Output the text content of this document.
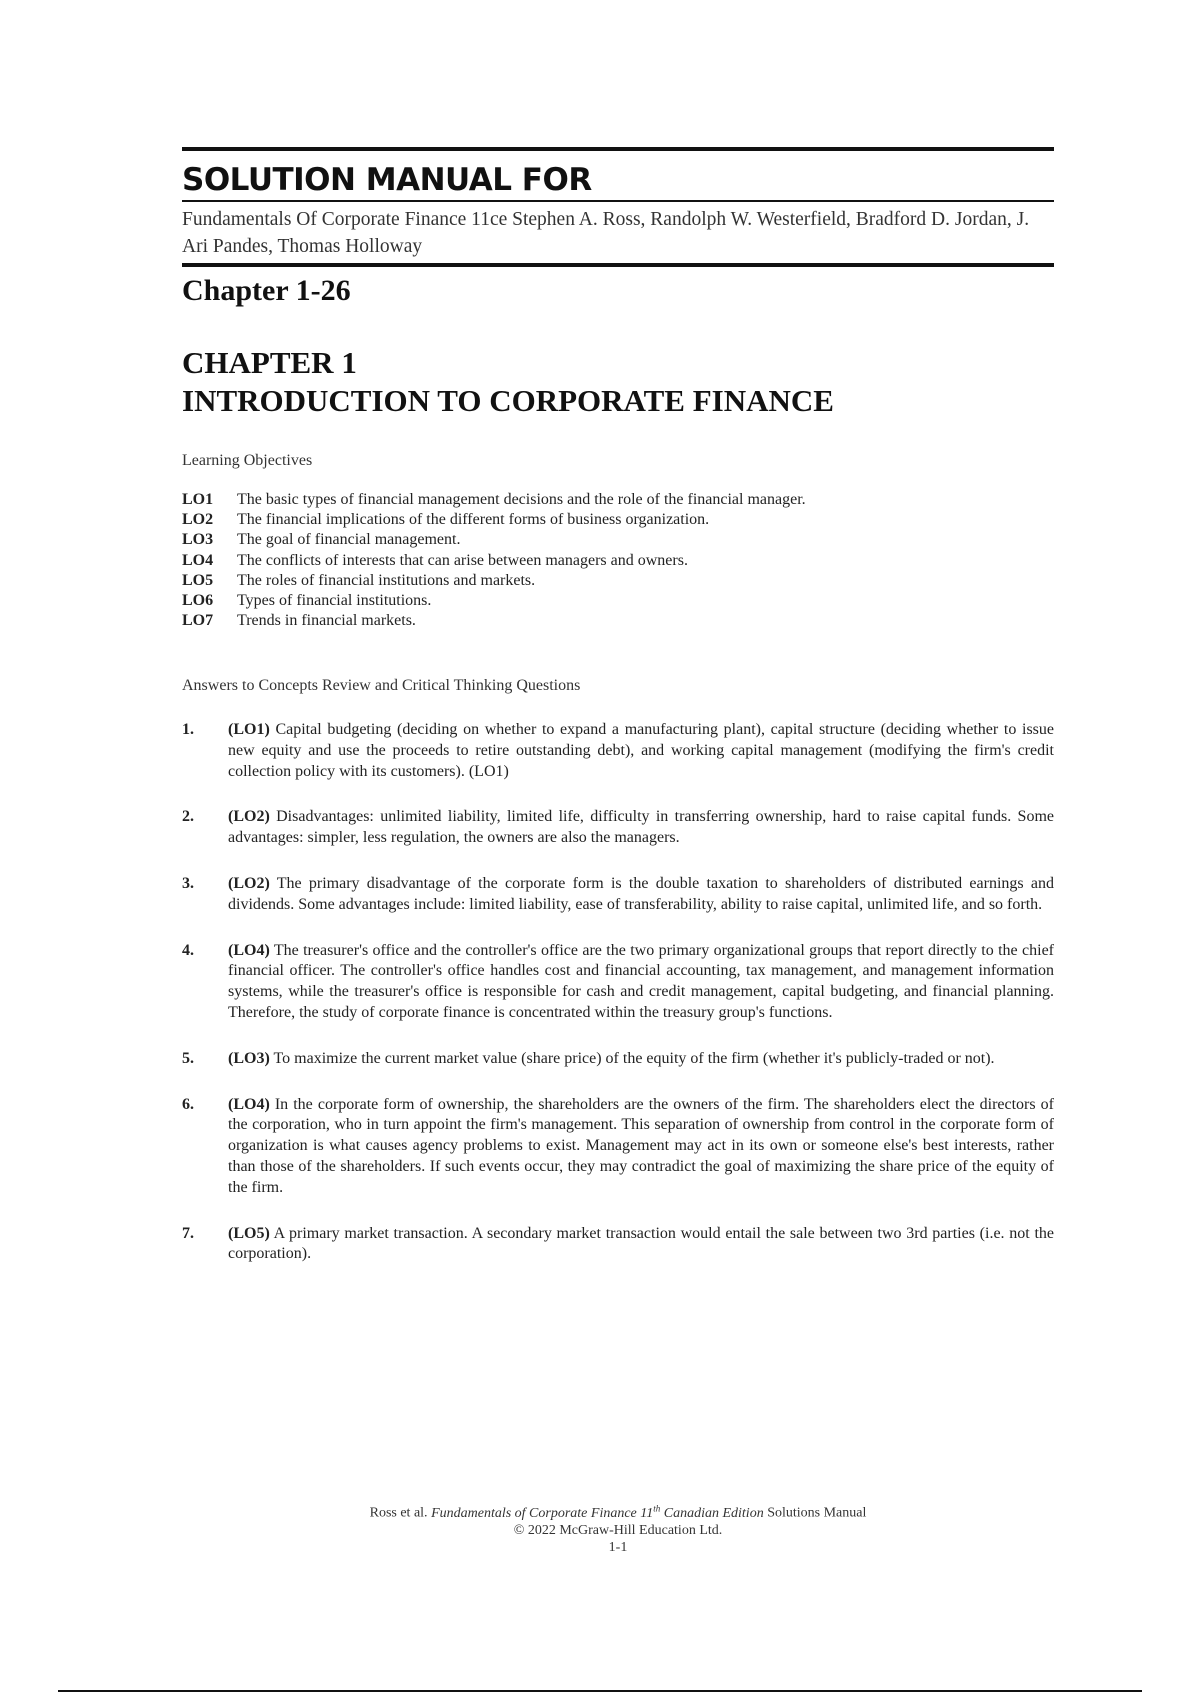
SOLUTION MANUAL FOR
Fundamentals Of Corporate Finance 11ce Stephen A. Ross, Randolph W. Westerfield, Bradford D. Jordan, J. Ari Pandes, Thomas Holloway
Chapter 1-26
CHAPTER 1
INTRODUCTION TO CORPORATE FINANCE
Learning Objectives
LO1	The basic types of financial management decisions and the role of the financial manager.
LO2	The financial implications of the different forms of business organization.
LO3	The goal of financial management.
LO4	The conflicts of interests that can arise between managers and owners.
LO5	The roles of financial institutions and markets.
LO6	Types of financial institutions.
LO7	Trends in financial markets.
Answers to Concepts Review and Critical Thinking Questions
1.	(LO1) Capital budgeting (deciding on whether to expand a manufacturing plant), capital structure (deciding whether to issue new equity and use the proceeds to retire outstanding debt), and working capital management (modifying the firm's credit collection policy with its customers). (LO1)
2.	(LO2) Disadvantages: unlimited liability, limited life, difficulty in transferring ownership, hard to raise capital funds. Some advantages: simpler, less regulation, the owners are also the managers.
3.	(LO2) The primary disadvantage of the corporate form is the double taxation to shareholders of distributed earnings and dividends. Some advantages include: limited liability, ease of transferability, ability to raise capital, unlimited life, and so forth.
4.	(LO4) The treasurer's office and the controller's office are the two primary organizational groups that report directly to the chief financial officer. The controller's office handles cost and financial accounting, tax management, and management information systems, while the treasurer's office is responsible for cash and credit management, capital budgeting, and financial planning. Therefore, the study of corporate finance is concentrated within the treasury group's functions.
5.	(LO3) To maximize the current market value (share price) of the equity of the firm (whether it's publicly-traded or not).
6.	(LO4) In the corporate form of ownership, the shareholders are the owners of the firm. The shareholders elect the directors of the corporation, who in turn appoint the firm's management. This separation of ownership from control in the corporate form of organization is what causes agency problems to exist. Management may act in its own or someone else's best interests, rather than those of the shareholders. If such events occur, they may contradict the goal of maximizing the share price of the equity of the firm.
7.	(LO5) A primary market transaction. A secondary market transaction would entail the sale between two 3rd parties (i.e. not the corporation).
Ross et al. Fundamentals of Corporate Finance 11th Canadian Edition Solutions Manual
© 2022 McGraw-Hill Education Ltd.
1-1
